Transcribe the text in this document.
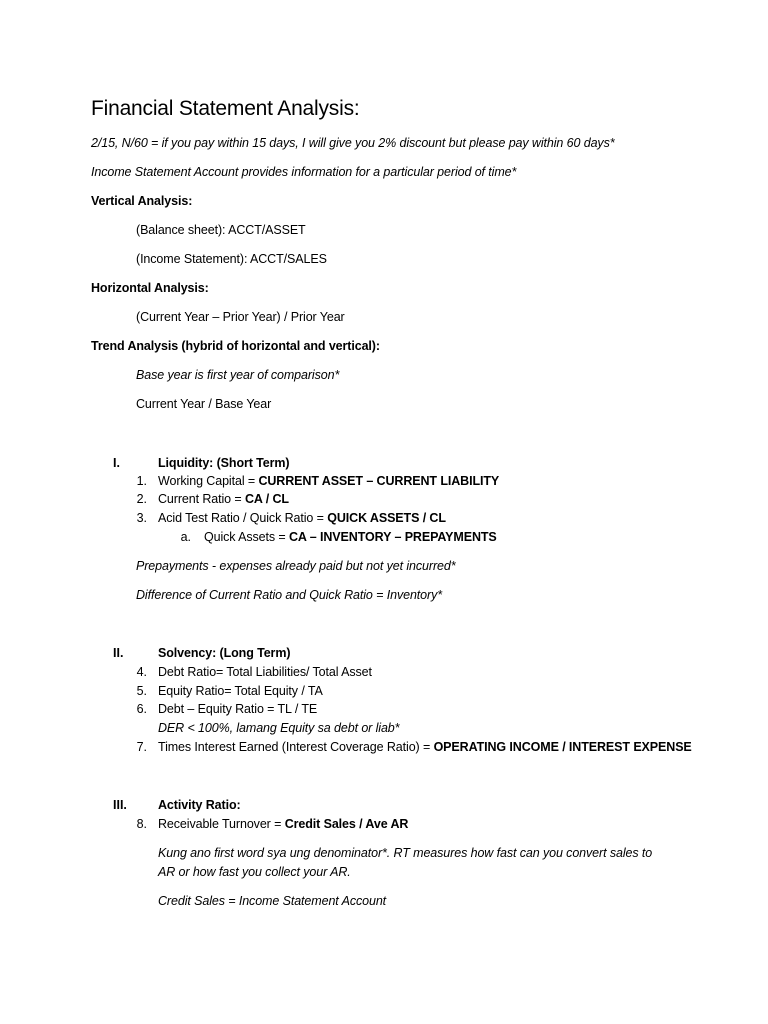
Financial Statement Analysis:
2/15, N/60 = if you pay within 15 days, I will give you 2% discount but please pay within 60 days*
Income Statement Account provides information for a particular period of time*
Vertical Analysis:
(Balance sheet): ACCT/ASSET
(Income Statement): ACCT/SALES
Horizontal Analysis:
(Current Year – Prior Year) / Prior Year
Trend Analysis (hybrid of horizontal and vertical):
Base year is first year of comparison*
Current Year / Base Year
I.	Liquidity: (Short Term)
1. Working Capital = CURRENT ASSET – CURRENT LIABILITY
2. Current Ratio = CA / CL
3. Acid Test Ratio / Quick Ratio = QUICK ASSETS / CL
a. Quick Assets = CA – INVENTORY – PREPAYMENTS
Prepayments - expenses already paid but not yet incurred*
Difference of Current Ratio and Quick Ratio = Inventory*
II.	Solvency: (Long Term)
4. Debt Ratio= Total Liabilities/ Total Asset
5. Equity Ratio= Total Equity / TA
6. Debt – Equity Ratio = TL / TE
DER < 100%, lamang Equity sa debt or liab*
7. Times Interest Earned (Interest Coverage Ratio) = OPERATING INCOME / INTEREST EXPENSE
III. Activity Ratio:
8. Receivable Turnover = Credit Sales / Ave AR
Kung ano first word sya ung denominator*. RT measures how fast can you convert sales to
AR or how fast you collect your AR.
Credit Sales = Income Statement Account
